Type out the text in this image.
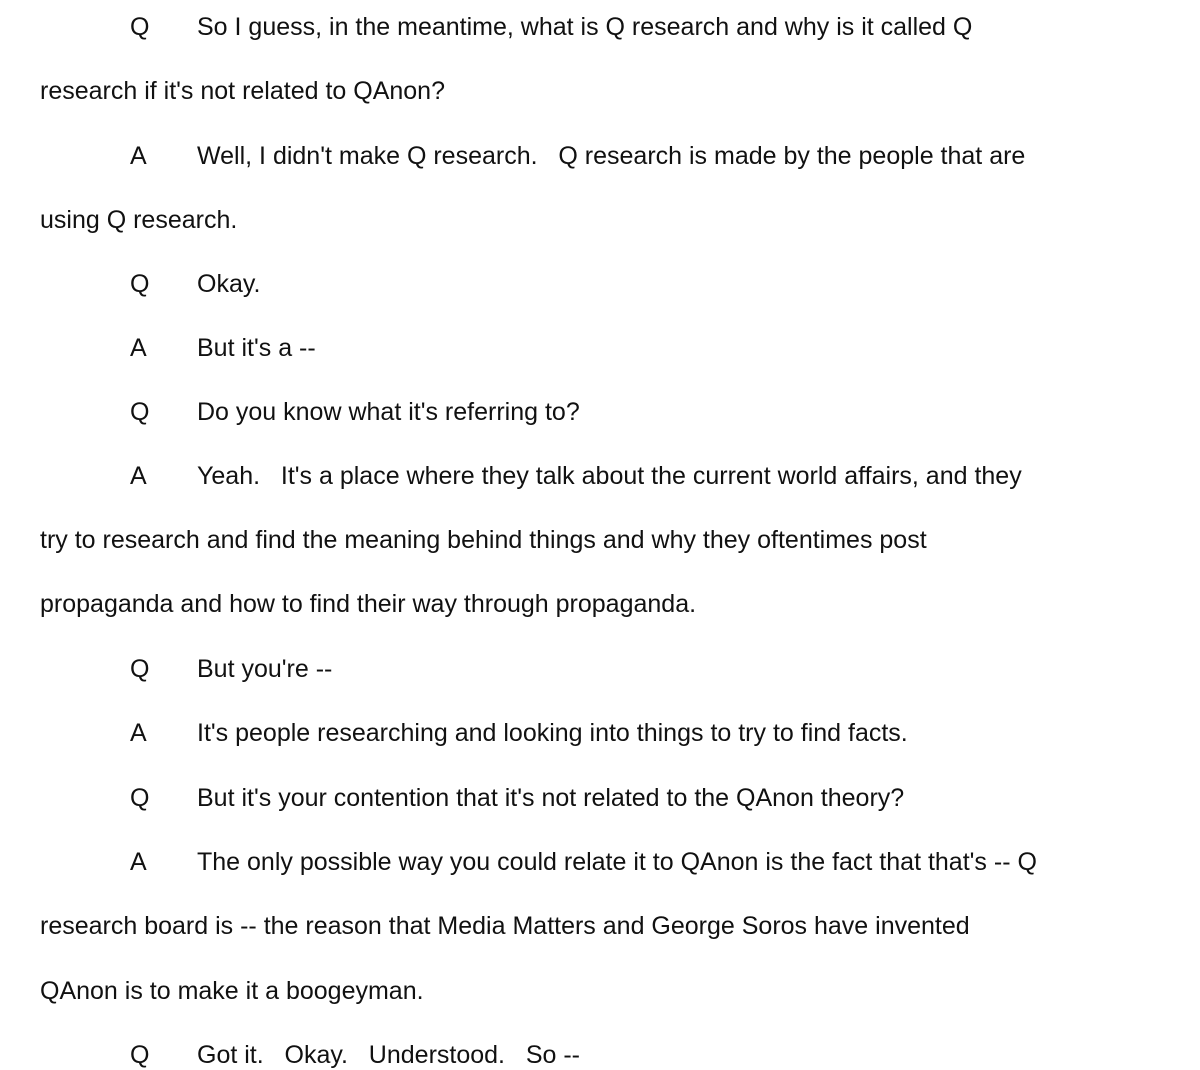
Q So I guess, in the meantime, what is Q research and why is it called Q
research if it's not related to QAnon?
A Well, I didn't make Q research.   Q research is made by the people that are
using Q research.
Q Okay.
A But it's a --
Q Do you know what it's referring to?
A Yeah.   It's a place where they talk about the current world affairs, and they
try to research and find the meaning behind things and why they oftentimes post
propaganda and how to find their way through propaganda.
Q But you're --
A It's people researching and looking into things to try to find facts.
Q But it's your contention that it's not related to the QAnon theory?
A The only possible way you could relate it to QAnon is the fact that that's -- Q
research board is -- the reason that Media Matters and George Soros have invented
QAnon is to make it a boogeyman.
Q Got it.   Okay.   Understood.   So --
